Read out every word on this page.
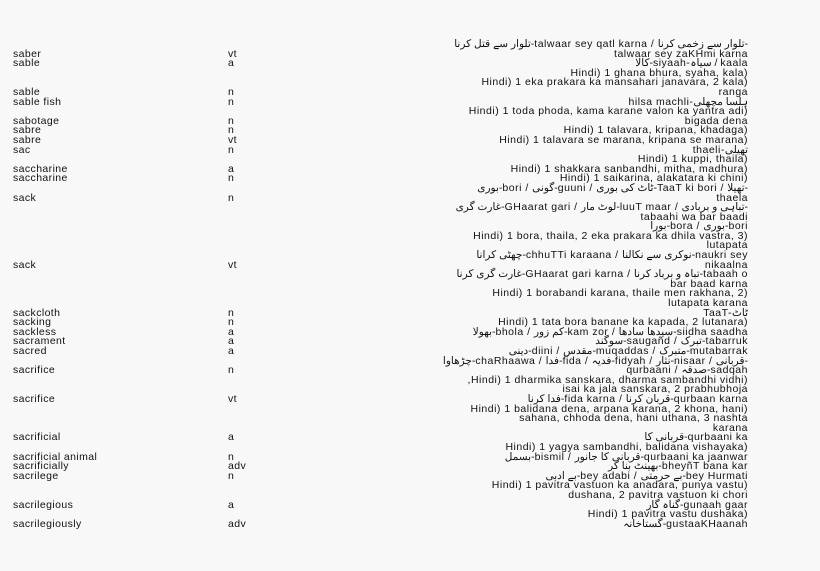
تلوار سے قتل کرنا-talwaar sey qatl karna / تلوار سے زخمی کرنا-
saber	vt	talwaar sey zaKHmi karna
sable	a	کالا-siyaah-سیاہ / kaala
Hindi) 1 ghana bhura, syaha, kala)
Hindi) 1 eka prakara ka mansahari janavara, 2 kala)
sable	n	ranga
sable fish	n	hilsa machli-ہلسا مچھلی
Hindi) 1 toda phoda, kama karane valon ka yantra adi)
sabotage	n	bigada dena
sabre	n	Hindi) 1 talavara, kripana, khadaga)
sabre	vt	Hindi) 1 talavara se marana, kripana se marana)
sac	n	thaeli-تھیلی
Hindi) 1 kuppi, thaila)
saccharine	a	Hindi) 1 shakkara sanbandhi, mitha, madhura)
saccharine	n	Hindi) 1 saikarina, alakatara ki chini)
بوری-bori / گونی-guuni / ٹاٹ کی بوری-TaaT ki bori / تھیلا-
sack	n	thaela
غارت گری-GHaarat gari / لوٹ مار-luuT maar / تباہی و بربادی-
tabaahi wa bar baadi
بورا-bora / بوری-bori
Hindi) 1 bora, thaila, 2 eka prakara ka dhila vastra, 3)
lutapata
چھٹی کرانا-chhuTTi karaana / نوکری سے نکالنا-naukri sey
sack	vt	nikaalna
غارت گری کرنا-GHaarat gari karna / تباہ و برباد کرنا-tabaah o
bar baad karna
Hindi) 1 borabandi karana, thaile men rakhana, 2)
lutapata karana
sackcloth	n	TaaT-ٹاٹ
sacking	n	Hindi) 1 tata bora banane ka kapada, 2 lutanara)
sackless	a	بھولا-bhola / کم زور-kam zor / سیدھا سادھا-siidha saadha
sacrament	a	سوگند-saugañd / تبرک-tabarruk
sacred	a	دینی-diini / مقدس-muqaddas / متبرک-mutabarrak
چڑھاوا-chaRhaawa / فدا-fida / فدیہ-fidyah / نثار-nisaar / قربانی-
sacrifice	n	qurbaani / صدقہ-sadqah
,Hindi) 1 dharmika sanskara, dharma sambandhi vidhi)
isai ka jala sanskara, 2 prabhubhoja
sacrifice	vt	فدا کرنا-fida karna / قربان کرنا-qurbaan karna
Hindi) 1 balidana dena, arpana karana, 2 khona, hani)
sahana, chhoda dena, hani uthana, 3 nashta
karana
sacrificial	a	قربانی کا-qurbaani ka
Hindi) 1 yagya sambandhi, balidana vishayaka)
sacrificial animal	n	بسمل-bismil / قربانی کا جانور-qurbaani ka jaanwar
sacrificially	adv	بھینٹ بنا کر-bheyñT bana kar
sacrilege	n	بے ادبی-bey adabi / بے حرمتی-bey Hurmati
Hindi) 1 pavitra vastuon ka anadara, punya vastu)
dushana, 2 pavitra vastuon ki chori
sacrilegious	a	گناہ گار-gunaah gaar
Hindi) 1 pavitra vastu dushaka)
sacrilegiously	adv	گستاخانہ-gustaaKHaanah
